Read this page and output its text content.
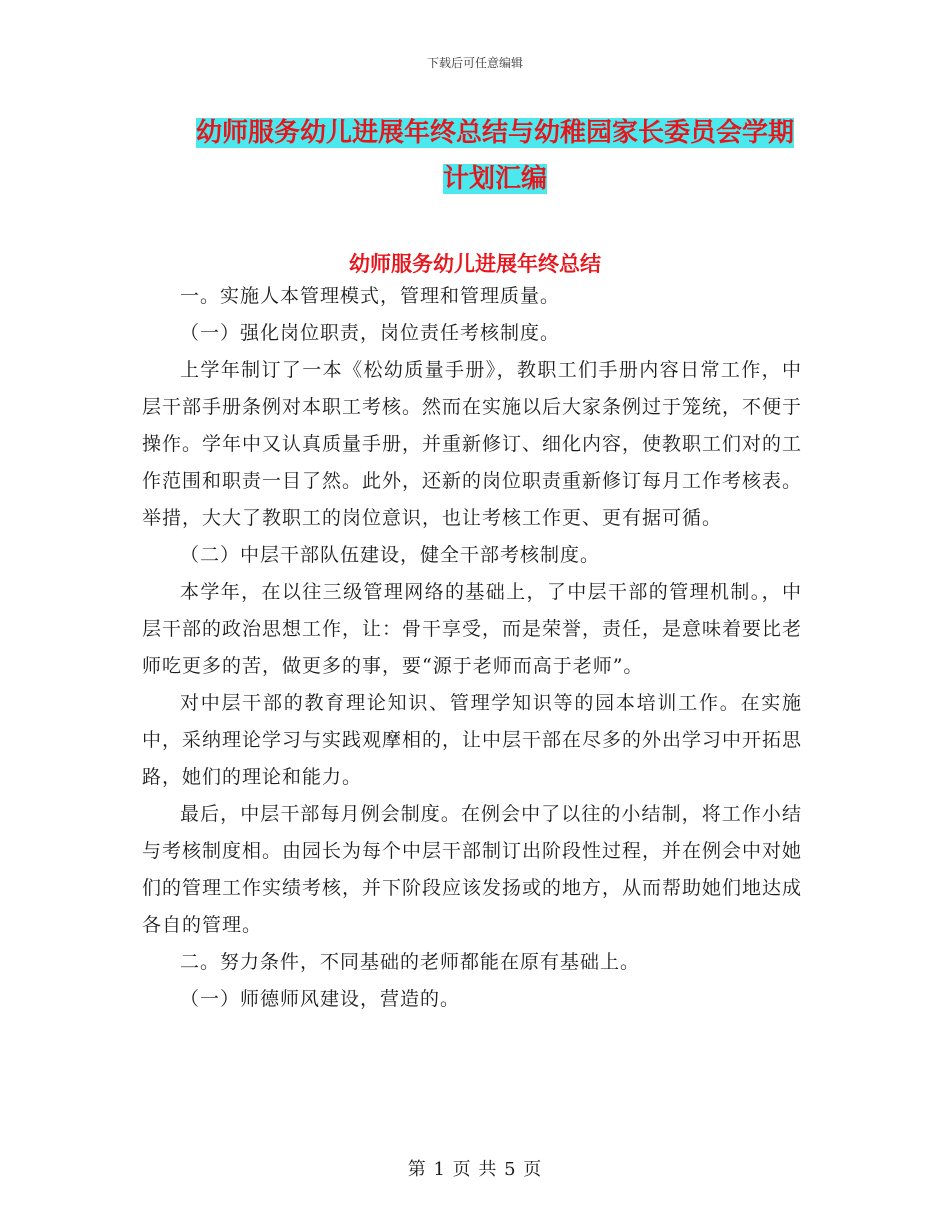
下载后可任意编辑
幼师服务幼儿进展年终总结与幼稚园家长委员会学期
计划汇编
幼师服务幼儿进展年终总结

一。实施人本管理模式，管理和管理质量。

（一）强化岗位职责，岗位责任考核制度。

上学年制订了一本《松幼质量手册》，教职工们手册内容日常工作，中层干部手册条例对本职工考核。然而在实施以后大家条例过于笼统，不便于操作。学年中又认真质量手册，并重新修订、细化内容，使教职工们对的工作范围和职责一目了然。此外，还新的岗位职责重新修订每月工作考核表。举措，大大了教职工的岗位意识，也让考核工作更、更有据可循。

（二）中层干部队伍建设，健全干部考核制度。

本学年，在以往三级管理网络的基础上，了中层干部的管理机制。，中层干部的政治思想工作，让：骨干享受，而是荣誉，责任，是意味着要比老师吃更多的苦，做更多的事，要“源于老师而高于老师”。

对中层干部的教育理论知识、管理学知识等的园本培训工作。在实施中，采纳理论学习与实践观摩相的，让中层干部在尽多的外出学习中开拓思路，她们的理论和能力。

最后，中层干部每月例会制度。在例会中了以往的小结制，将工作小结与考核制度相。由园长为每个中层干部制订出阶段性过程，并在例会中对她们的管理工作实绩考核，并下阶段应该发扬或的地方，从而帮助她们地达成各自的管理。

二。努力条件，不同基础的老师都能在原有基础上。

（一）师德师风建设，营造的。

第 1 页 共 5 页
